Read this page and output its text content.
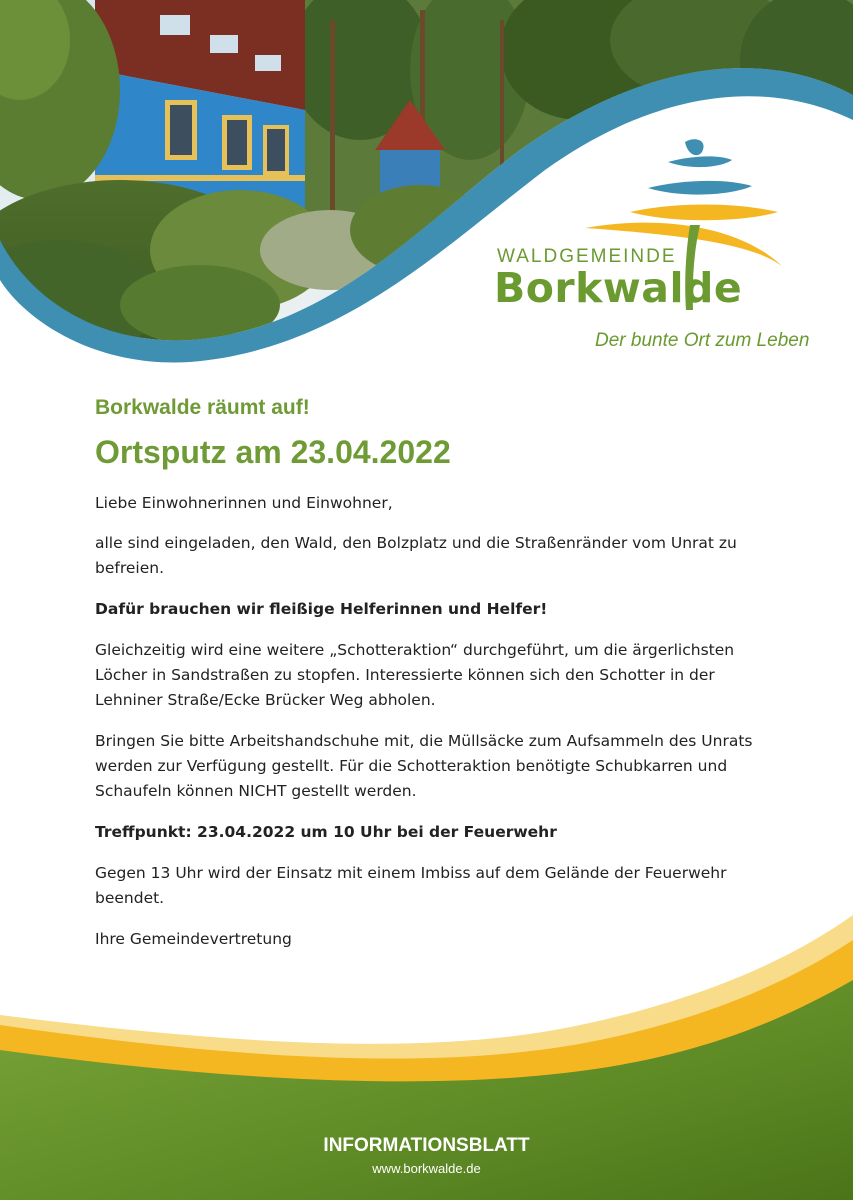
WALDGEMEINDE
Borkwalde
Der bunte Ort zum Leben
Borkwalde räumt auf!
Ortsputz am 23.04.2022

Liebe Einwohnerinnen und Einwohner,

alle sind eingeladen, den Wald, den Bolzplatz und die Straßenränder vom Unrat zu befreien.

Dafür brauchen wir fleißige Helferinnen und Helfer!

Gleichzeitig wird eine weitere „Schotteraktion“ durchgeführt, um die ärgerlichsten Löcher in Sandstraßen zu stopfen. Interessierte können sich den Schotter in der Lehniner Straße/Ecke Brücker Weg abholen.

Bringen Sie bitte Arbeitshandschuhe mit, die Müllsäcke zum Aufsammeln des Unrats werden zur Verfügung gestellt. Für die Schotteraktion benötigte Schubkarren und Schaufeln können NICHT gestellt werden.

Treffpunkt: 23.04.2022 um 10 Uhr bei der Feuerwehr

Gegen 13 Uhr wird der Einsatz mit einem Imbiss auf dem Gelände der Feuerwehr beendet.

Ihre Gemeindevertretung

INFORMATIONSBLATT
www.borkwalde.de
